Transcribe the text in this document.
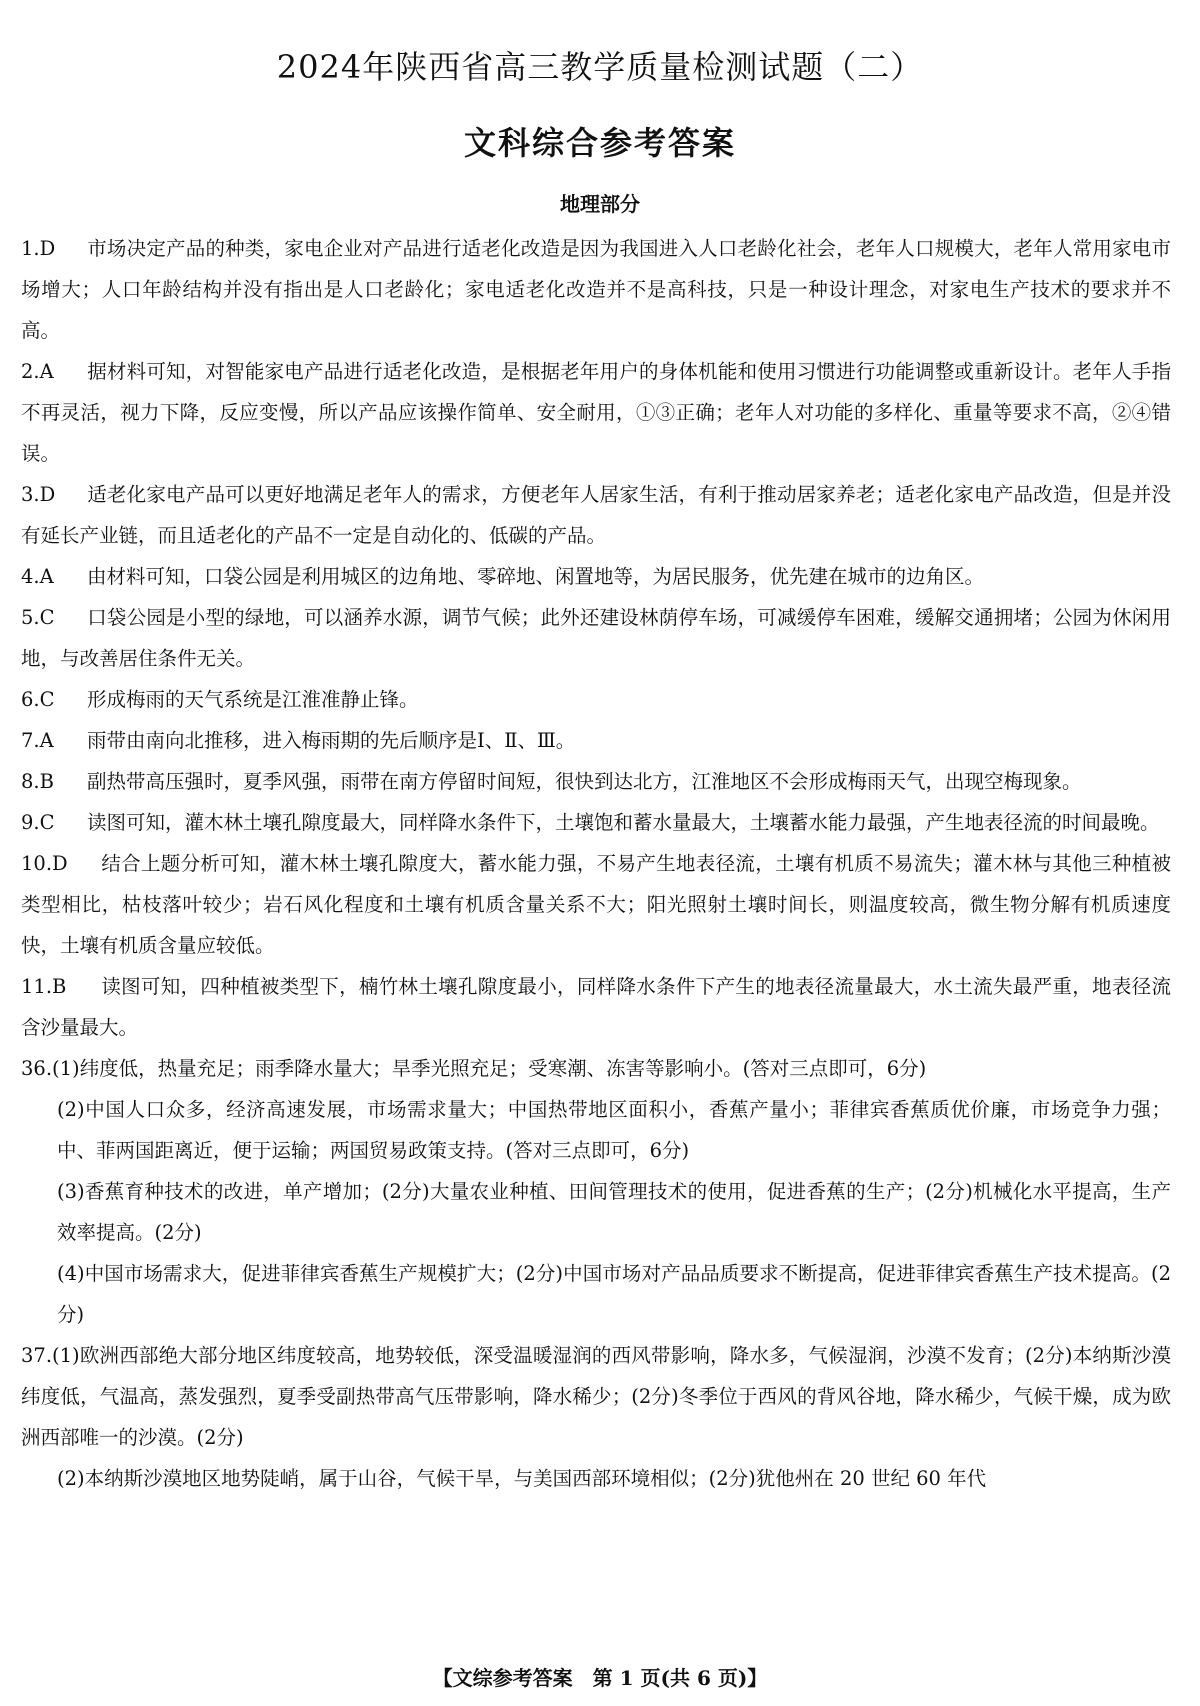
2024年陕西省高三教学质量检测试题（二）
文科综合参考答案
地理部分
1.D 市场决定产品的种类，家电企业对产品进行适老化改造是因为我国进入人口老龄化社会，老年人口规模大，老年人常用家电市场增大；人口年龄结构并没有指出是人口老龄化；家电适老化改造并不是高科技，只是一种设计理念，对家电生产技术的要求并不高。
2.A 据材料可知，对智能家电产品进行适老化改造，是根据老年用户的身体机能和使用习惯进行功能调整或重新设计。老年人手指不再灵活，视力下降，反应变慢，所以产品应该操作简单、安全耐用，①③正确；老年人对功能的多样化、重量等要求不高，②④错误。
3.D 适老化家电产品可以更好地满足老年人的需求，方便老年人居家生活，有利于推动居家养老；适老化家电产品改造，但是并没有延长产业链，而且适老化的产品不一定是自动化的、低碳的产品。
4.A 由材料可知，口袋公园是利用城区的边角地、零碎地、闲置地等，为居民服务，优先建在城市的边角区。
5.C 口袋公园是小型的绿地，可以涵养水源，调节气候；此外还建设林荫停车场，可减缓停车困难，缓解交通拥堵；公园为休闲用地，与改善居住条件无关。
6.C 形成梅雨的天气系统是江淮准静止锋。
7.A 雨带由南向北推移，进入梅雨期的先后顺序是Ⅰ、Ⅱ、Ⅲ。
8.B 副热带高压强时，夏季风强，雨带在南方停留时间短，很快到达北方，江淮地区不会形成梅雨天气，出现空梅现象。
9.C 读图可知，灌木林土壤孔隙度最大，同样降水条件下，土壤饱和蓄水量最大，土壤蓄水能力最强，产生地表径流的时间最晚。
10.D 结合上题分析可知，灌木林土壤孔隙度大，蓄水能力强，不易产生地表径流，土壤有机质不易流失；灌木林与其他三种植被类型相比，枯枝落叶较少；岩石风化程度和土壤有机质含量关系不大；阳光照射土壤时间长，则温度较高，微生物分解有机质速度快，土壤有机质含量应较低。
11.B 读图可知，四种植被类型下，楠竹林土壤孔隙度最小，同样降水条件下产生的地表径流量最大，水土流失最严重，地表径流含沙量最大。
36.(1)纬度低，热量充足；雨季降水量大；旱季光照充足；受寒潮、冻害等影响小。(答对三点即可，6分)
(2)中国人口众多，经济高速发展，市场需求量大；中国热带地区面积小，香蕉产量小；菲律宾香蕉质优价廉，市场竞争力强；中、菲两国距离近，便于运输；两国贸易政策支持。(答对三点即可，6分)
(3)香蕉育种技术的改进，单产增加；(2分)大量农业种植、田间管理技术的使用，促进香蕉的生产；(2分)机械化水平提高，生产效率提高。(2分)
(4)中国市场需求大，促进菲律宾香蕉生产规模扩大；(2分)中国市场对产品品质要求不断提高，促进菲律宾香蕉生产技术提高。(2分)
37.(1)欧洲西部绝大部分地区纬度较高，地势较低，深受温暖湿润的西风带影响，降水多，气候湿润，沙漠不发育；(2分)本纳斯沙漠纬度低，气温高，蒸发强烈，夏季受副热带高气压带影响，降水稀少；(2分)冬季位于西风的背风谷地，降水稀少，气候干燥，成为欧洲西部唯一的沙漠。(2分)
(2)本纳斯沙漠地区地势陡峭，属于山谷，气候干旱，与美国西部环境相似；(2分)犹他州在 20 世纪 60 年代
【文综参考答案　第 1 页(共 6 页)】
